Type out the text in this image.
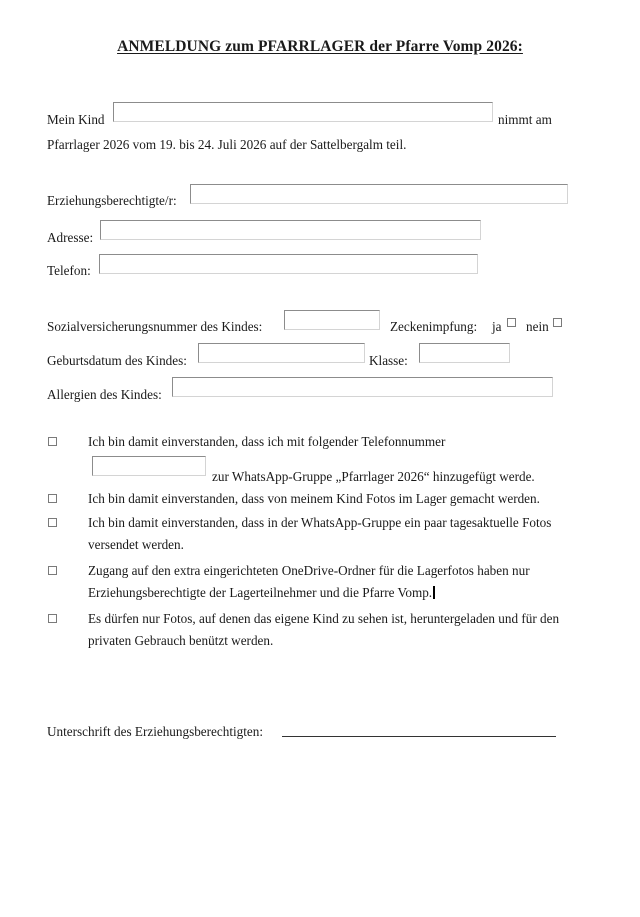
ANMELDUNG zum PFARRLAGER der Pfarre Vomp 2026:
Mein Kind	nimmt am
Pfarrlager 2026 vom 19. bis 24. Juli 2026 auf der Sattelbergalm teil.
Erziehungsberechtigte/r:
Adresse:
Telefon:
Sozialversicherungsnummer des Kindes:	Zeckenimpfung: ja nein
Geburtsdatum des Kindes:	Klasse:
Allergien des Kindes:
Ich bin damit einverstanden, dass ich mit folgender Telefonnummer
zur WhatsApp-Gruppe „Pfarrlager 2026“ hinzugefügt werde.
Ich bin damit einverstanden, dass von meinem Kind Fotos im Lager gemacht werden.
Ich bin damit einverstanden, dass in der WhatsApp-Gruppe ein paar tagesaktuelle Fotos versendet werden.
Zugang auf den extra eingerichteten OneDrive-Ordner für die Lagerfotos haben nur Erziehungsberechtigte der Lagerteilnehmer und die Pfarre Vomp.
Es dürfen nur Fotos, auf denen das eigene Kind zu sehen ist, heruntergeladen und für den privaten Gebrauch benützt werden.
Unterschrift des Erziehungsberechtigten:
